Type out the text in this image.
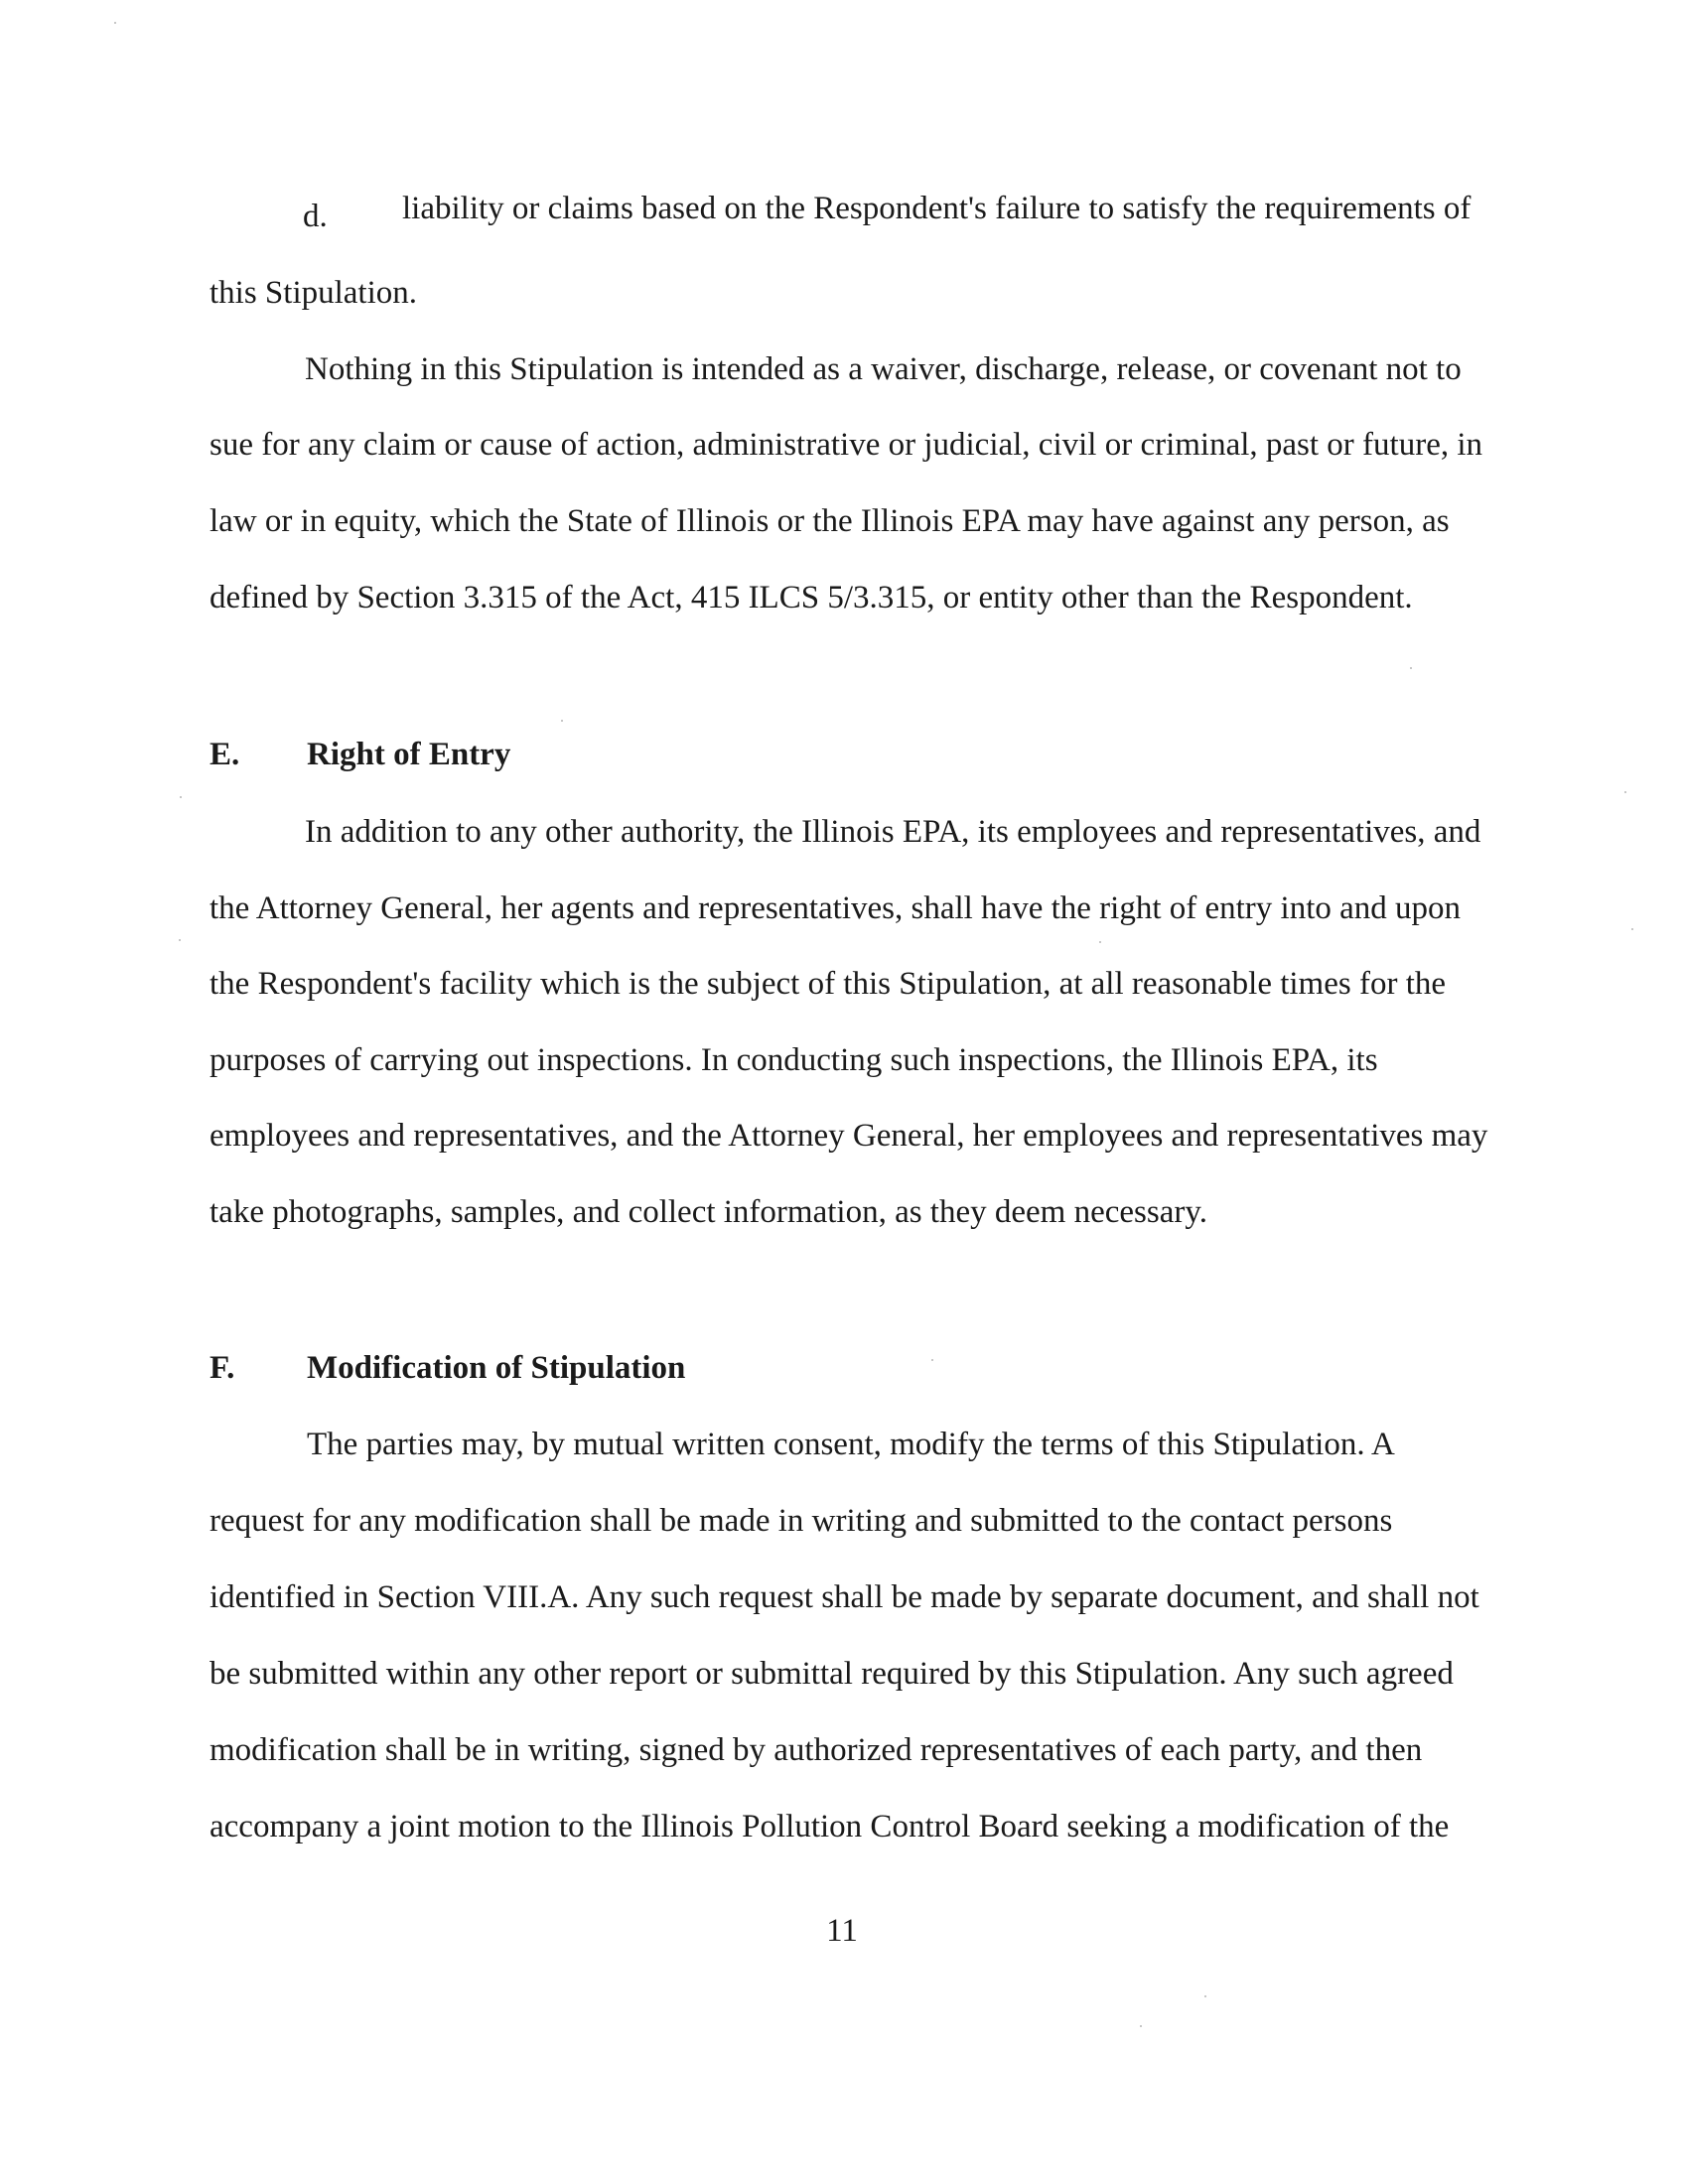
d. liability or claims based on the Respondent's failure to satisfy the requirements of
this Stipulation.
Nothing in this Stipulation is intended as a waiver, discharge, release, or covenant not to
sue for any claim or cause of action, administrative or judicial, civil or criminal, past or future, in
law or in equity, which the State of Illinois or the Illinois EPA may have against any person, as
defined by Section 3.315 of the Act, 415 ILCS 5/3.315, or entity other than the Respondent.
E. Right of Entry
In addition to any other authority, the Illinois EPA, its employees and representatives, and
the Attorney General, her agents and representatives, shall have the right of entry into and upon
the Respondent's facility which is the subject of this Stipulation, at all reasonable times for the
purposes of carrying out inspections. In conducting such inspections, the Illinois EPA, its
employees and representatives, and the Attorney General, her employees and representatives may
take photographs, samples, and collect information, as they deem necessary.
F. Modification of Stipulation
The parties may, by mutual written consent, modify the terms of this Stipulation. A
request for any modification shall be made in writing and submitted to the contact persons
identified in Section VIII.A. Any such request shall be made by separate document, and shall not
be submitted within any other report or submittal required by this Stipulation. Any such agreed
modification shall be in writing, signed by authorized representatives of each party, and then
accompany a joint motion to the Illinois Pollution Control Board seeking a modification of the
11
